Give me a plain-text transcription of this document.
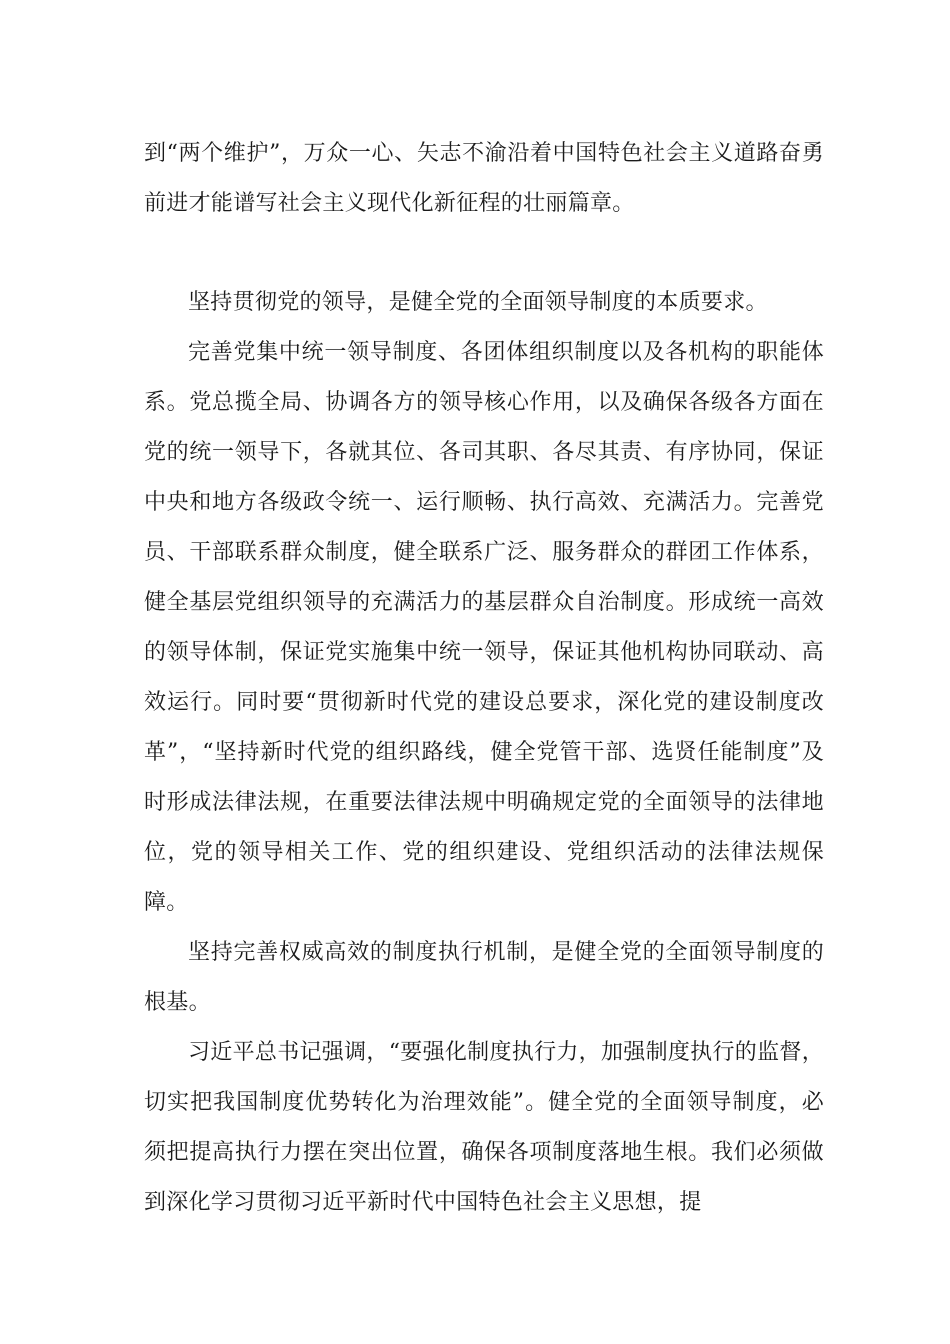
到“两个维护”，万众一心、矢志不渝沿着中国特色社会主义道路奋勇前进才能谱写社会主义现代化新征程的壮丽篇章。

坚持贯彻党的领导，是健全党的全面领导制度的本质要求。

完善党集中统一领导制度、各团体组织制度以及各机构的职能体系。党总揽全局、协调各方的领导核心作用，以及确保各级各方面在党的统一领导下，各就其位、各司其职、各尽其责、有序协同，保证中央和地方各级政令统一、运行顺畅、执行高效、充满活力。完善党员、干部联系群众制度，健全联系广泛、服务群众的群团工作体系，健全基层党组织领导的充满活力的基层群众自治制度。形成统一高效的领导体制，保证党实施集中统一领导，保证其他机构协同联动、高效运行。同时要“贯彻新时代党的建设总要求，深化党的建设制度改革”，“坚持新时代党的组织路线，健全党管干部、选贤任能制度”及时形成法律法规，在重要法律法规中明确规定党的全面领导的法律地位，党的领导相关工作、党的组织建设、党组织活动的法律法规保障。

坚持完善权威高效的制度执行机制，是健全党的全面领导制度的根基。

习近平总书记强调，“要强化制度执行力，加强制度执行的监督，切实把我国制度优势转化为治理效能”。健全党的全面领导制度，必须把提高执行力摆在突出位置，确保各项制度落地生根。我们必须做到深化学习贯彻习近平新时代中国特色社会主义思想，提
